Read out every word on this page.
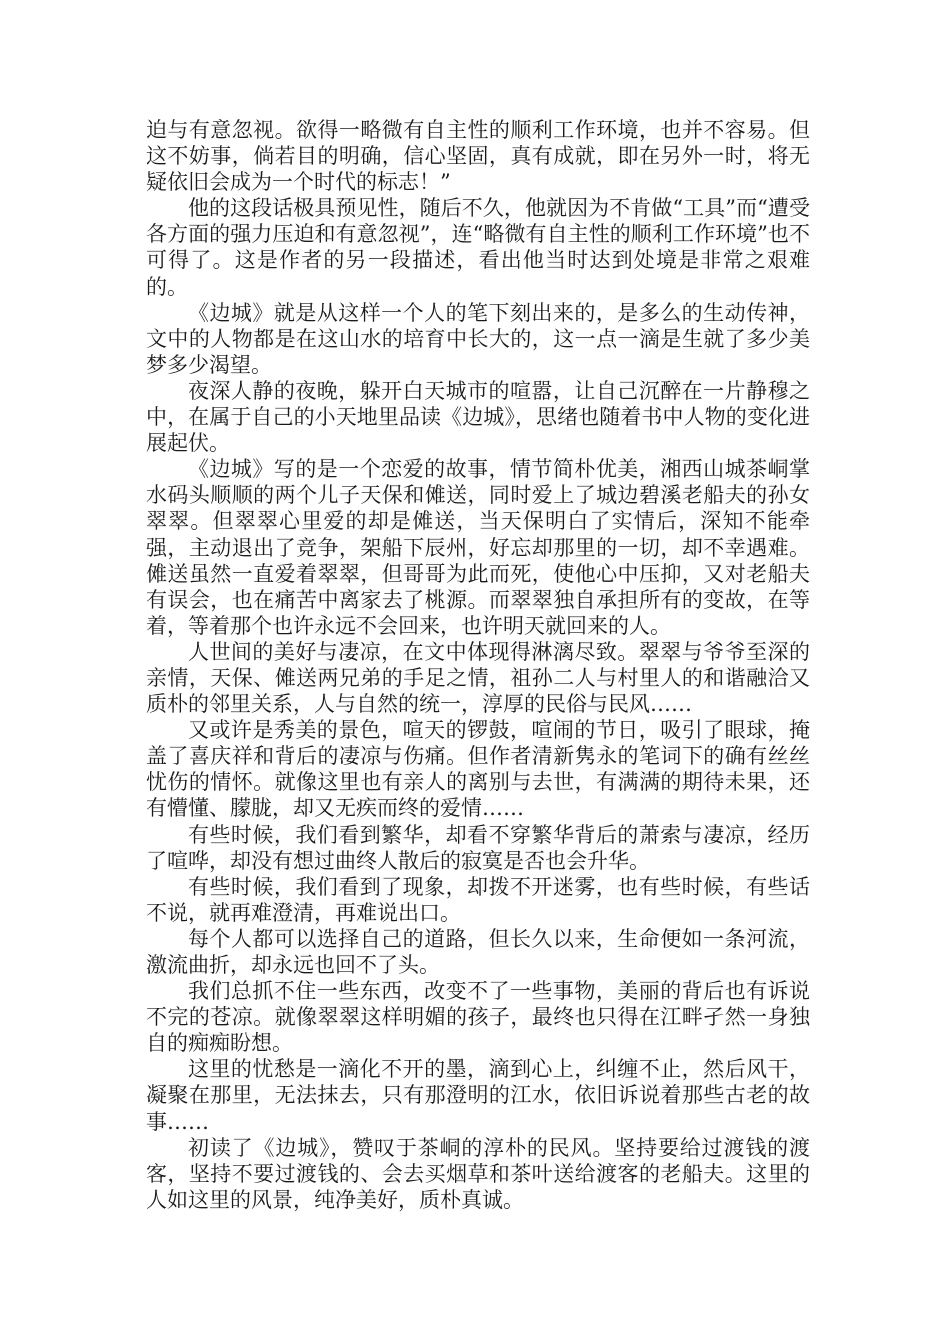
迫与有意忽视。欲得一略微有自主性的顺利工作环境，也并不容易。但这不妨事，倘若目的明确，信心坚固，真有成就，即在另外一时，将无疑依旧会成为一个时代的标志！”

他的这段话极具预见性，随后不久，他就因为不肯做“工具”而“遭受各方面的强力压迫和有意忽视”，连“略微有自主性的顺利工作环境”也不可得了。这是作者的另一段描述，看出他当时达到处境是非常之艰难的。

《边城》就是从这样一个人的笔下刻出来的，是多么的生动传神，文中的人物都是在这山水的培育中长大的，这一点一滴是生就了多少美梦多少渴望。

夜深人静的夜晚，躲开白天城市的喧嚣，让自己沉醉在一片静穆之中，在属于自己的小天地里品读《边城》，思绪也随着书中人物的变化进展起伏。

《边城》写的是一个恋爱的故事，情节简朴优美，湘西山城茶峒掌水码头顺顺的两个儿子天保和傩送，同时爱上了城边碧溪老船夫的孙女翠翠。但翠翠心里爱的却是傩送，当天保明白了实情后，深知不能牵强，主动退出了竞争，架船下辰州，好忘却那里的一切，却不幸遇难。傩送虽然一直爱着翠翠，但哥哥为此而死，使他心中压抑，又对老船夫有误会，也在痛苦中离家去了桃源。而翠翠独自承担所有的变故，在等着，等着那个也许永远不会回来，也许明天就回来的人。

人世间的美好与凄凉，在文中体现得淋漓尽致。翠翠与爷爷至深的亲情，天保、傩送两兄弟的手足之情，祖孙二人与村里人的和谐融洽又质朴的邻里关系，人与自然的统一，淳厚的民俗与民风……

又或许是秀美的景色，喧天的锣鼓，喧闹的节日，吸引了眼球，掩盖了喜庆祥和背后的凄凉与伤痛。但作者清新隽永的笔词下的确有丝丝忧伤的情怀。就像这里也有亲人的离别与去世，有满满的期待未果，还有懵懂、朦胧，却又无疾而终的爱情……

有些时候，我们看到繁华，却看不穿繁华背后的萧索与凄凉，经历了喧哗，却没有想过曲终人散后的寂寞是否也会升华。

有些时候，我们看到了现象，却拨不开迷雾，也有些时候，有些话不说，就再难澄清，再难说出口。

每个人都可以选择自己的道路，但长久以来，生命便如一条河流，激流曲折，却永远也回不了头。

我们总抓不住一些东西，改变不了一些事物，美丽的背后也有诉说不完的苍凉。就像翠翠这样明媚的孩子，最终也只得在江畔孑然一身独自的痴痴盼想。

这里的忧愁是一滴化不开的墨，滴到心上，纠缠不止，然后风干，凝聚在那里，无法抹去，只有那澄明的江水，依旧诉说着那些古老的故事……

初读了《边城》，赞叹于茶峒的淳朴的民风。坚持要给过渡钱的渡客，坚持不要过渡钱的、会去买烟草和茶叶送给渡客的老船夫。这里的人如这里的风景，纯净美好，质朴真诚。
